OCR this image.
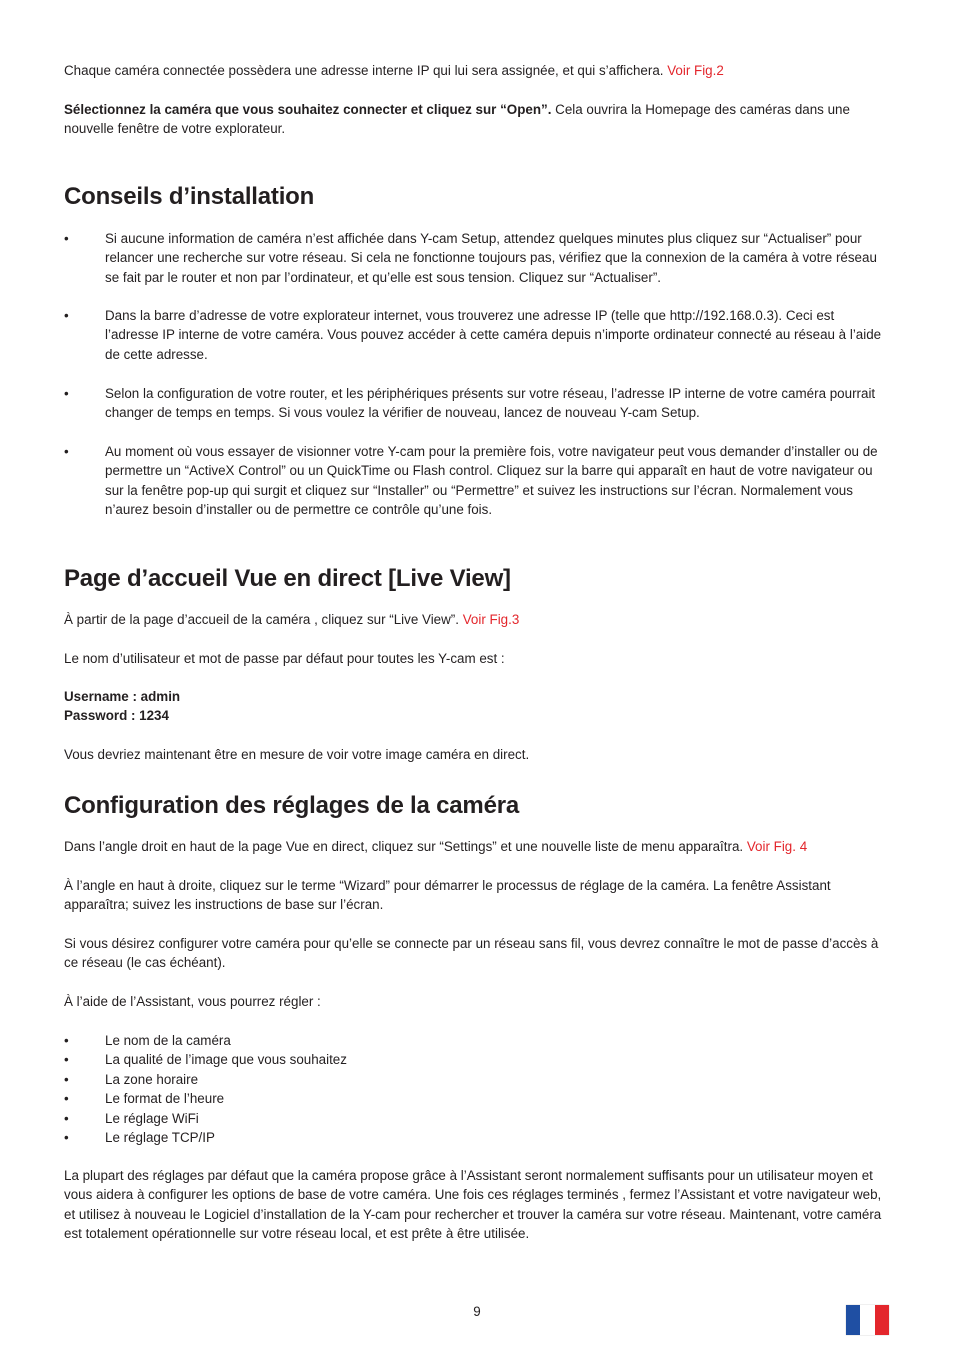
Chaque caméra connectée possèdera une adresse interne IP qui lui sera assignée, et qui s’affichera. Voir Fig.2

Sélectionnez la caméra que vous souhaitez connecter et cliquez sur “Open”. Cela ouvrira la Homepage des caméras dans une nouvelle fenêtre de votre explorateur.

Conseils d’installation
• Si aucune information de caméra n’est affichée dans Y-cam Setup, attendez quelques minutes plus cliquez sur “Actualiser” pour relancer une recherche sur votre réseau. Si cela ne fonctionne toujours pas, vérifiez que la connexion de la caméra à votre réseau se fait par le router et non par l’ordinateur, et qu’elle est sous tension. Cliquez sur “Actualiser”.
• Dans la barre d’adresse de votre explorateur internet, vous trouverez une adresse IP (telle que http://192.168.0.3). Ceci est l’adresse IP interne de votre caméra. Vous pouvez accéder à cette caméra depuis n’importe ordinateur connecté au réseau à l’aide de cette adresse.
• Selon la configuration de votre router, et les périphériques présents sur votre réseau, l’adresse IP interne de votre caméra pourrait changer de temps en temps. Si vous voulez la vérifier de nouveau, lancez de nouveau Y-cam Setup.
• Au moment où vous essayer de visionner votre Y-cam pour la première fois, votre navigateur peut vous demander d’installer ou de permettre un “ActiveX Control” ou un QuickTime ou Flash control. Cliquez sur la barre qui apparaît en haut de votre navigateur ou sur la fenêtre pop-up qui surgit et cliquez sur “Installer” ou “Permettre” et suivez les instructions sur l’écran. Normalement vous n’aurez besoin d’installer ou de permettre ce contrôle qu’une fois.
Page d’accueil Vue en direct [Live View]

À partir de la page d’accueil de la caméra , cliquez sur “Live View”. Voir Fig.3

Le nom d’utilisateur et mot de passe par défaut pour toutes les Y-cam est :

Username : admin
Password : 1234

Vous devriez maintenant être en mesure de voir votre image caméra en direct.

Configuration des réglages de la caméra

Dans l’angle droit en haut de la page Vue en direct, cliquez sur “Settings” et une nouvelle liste de menu apparaîtra. Voir Fig. 4

À l’angle en haut à droite, cliquez sur le terme “Wizard” pour démarrer le processus de réglage de la caméra. La fenêtre Assistant apparaîtra; suivez les instructions de base sur l’écran.

Si vous désirez configurer votre caméra pour qu’elle se connecte par un réseau sans fil, vous devrez connaître le mot de passe d’accès à ce réseau (le cas échéant).

À l’aide de l’Assistant, vous pourrez régler :

• Le nom de la caméra
• La qualité de l’image que vous souhaitez
• La zone horaire
• Le format de l’heure
• Le réglage WiFi
• Le réglage TCP/IP

La plupart des réglages par défaut que la caméra propose grâce à l’Assistant seront normalement suffisants pour un utilisateur moyen et vous aidera à configurer les options de base de votre caméra. Une fois ces réglages terminés , fermez l’Assistant et votre navigateur web, et utilisez à nouveau le Logiciel d’installation de la Y-cam pour rechercher et trouver la caméra sur votre réseau. Maintenant, votre caméra est totalement opérationnelle sur votre réseau local, et est prête à être utilisée.

9
